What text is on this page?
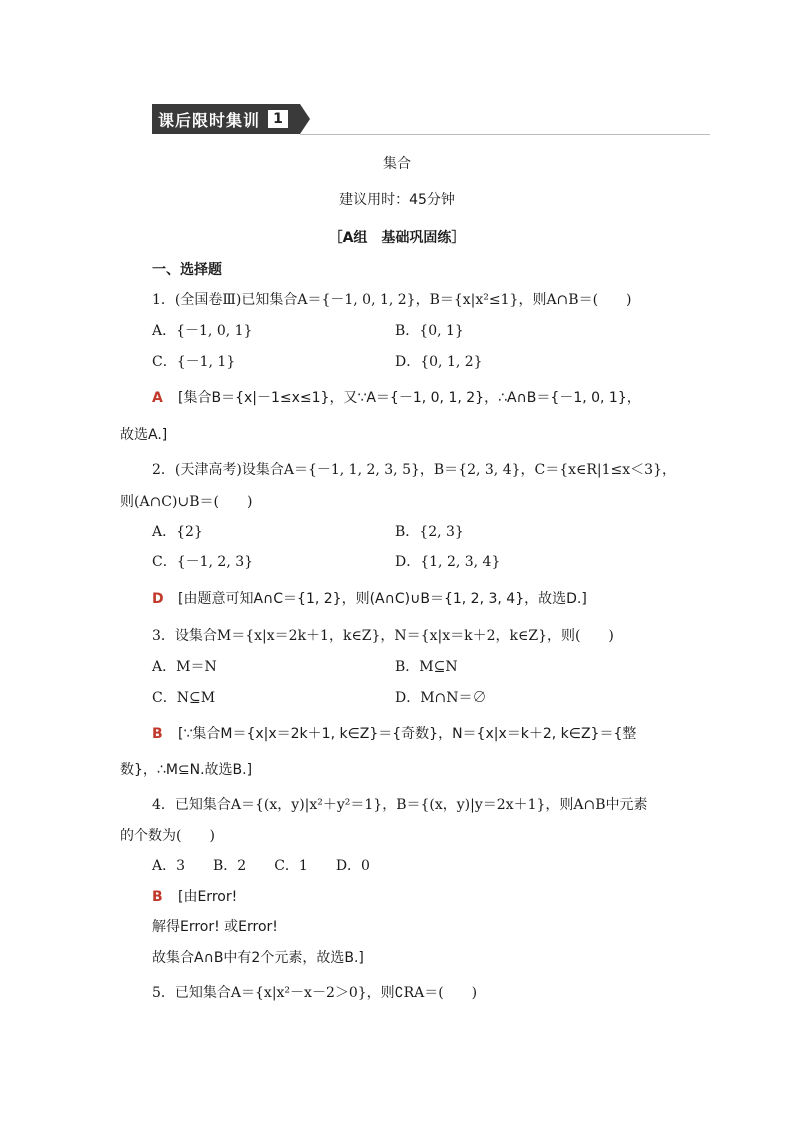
课后限时集训 1
集合
建议用时：45分钟
［A组　基础巩固练］
一、选择题
1．(全国卷Ⅲ)已知集合A＝{－1, 0, 1, 2}，B＝{x|x²≤1}，则A∩B＝(　　)
A．{－1, 0, 1}	B．{0, 1}
C．{－1, 1}	D．{0, 1, 2}
A [集合B＝{x|－1≤x≤1}，又∵A＝{－1, 0, 1, 2}，∴A∩B＝{－1, 0, 1}，
故选A.]
2．(天津高考)设集合A＝{－1, 1, 2, 3, 5}，B＝{2, 3, 4}，C＝{x∈R|1≤x＜3}，
则(A∩C)∪B＝(　　)
A．{2}	B．{2, 3}
C．{－1, 2, 3}	D．{1, 2, 3, 4}
D [由题意可知A∩C＝{1, 2}，则(A∩C)∪B＝{1, 2, 3, 4}，故选D.]
3．设集合M＝{x|x＝2k＋1，k∈Z}，N＝{x|x＝k＋2，k∈Z}，则(　　)
A．M＝N	B．M⊆N
C．N⊆M	D．M∩N＝∅
B [∵集合M＝{x|x＝2k＋1, k∈Z}＝{奇数}，N＝{x|x＝k＋2, k∈Z}＝{整
数}，∴M⊆N.故选B.]
4．已知集合A＝{(x，y)|x²＋y²＝1}，B＝{(x，y)|y＝2x＋1}，则A∩B中元素
的个数为(　　)
A．3　　B．2　　C．1　　D．0
B [由Error!
解得Error! 或Error!
故集合A∩B中有2个元素，故选B.]
5．已知集合A＝{x|x²－x－2＞0}，则∁RA＝(　　)
